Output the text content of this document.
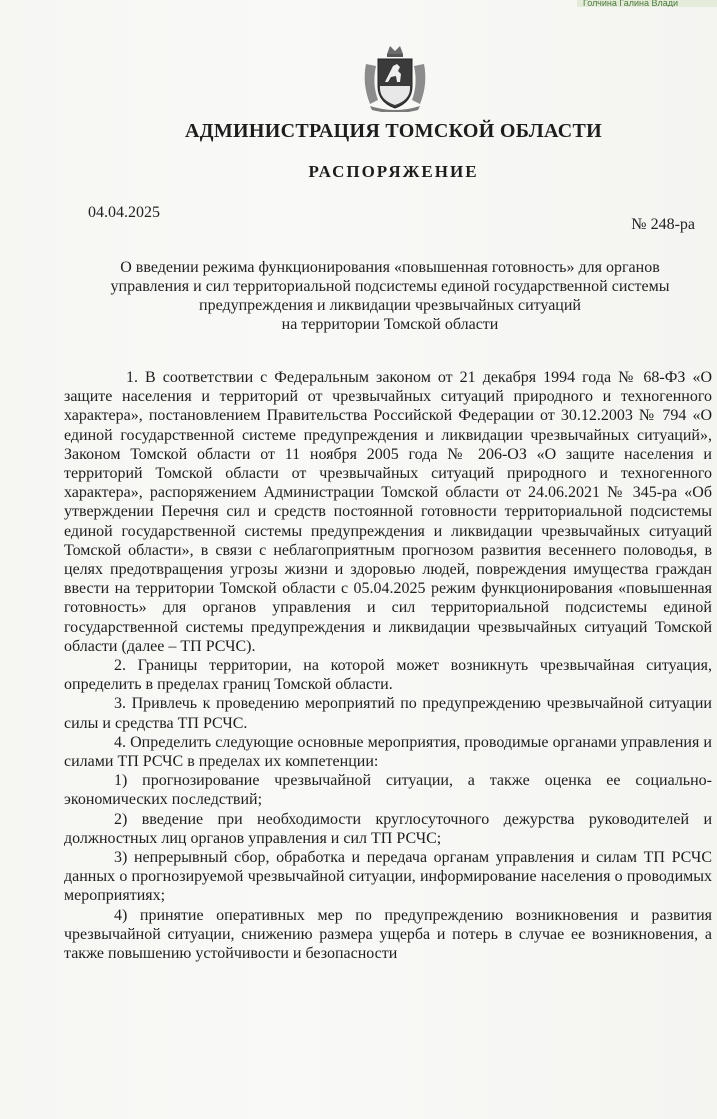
Голчина Галина Влади
АДМИНИСТРАЦИЯ ТОМСКОЙ ОБЛАСТИ
РАСПОРЯЖЕНИЕ
04.04.2025
№ 248-ра
О введении режима функционирования «повышенная готовность» для органов
управления и сил территориальной подсистемы единой государственной системы
предупреждения и ликвидации чрезвычайных ситуаций
на территории Томской области

1. В соответствии с Федеральным законом от 21 декабря 1994 года № 68-ФЗ «О защите населения и территорий от чрезвычайных ситуаций природного и техногенного характера», постановлением Правительства Российской Федерации от 30.12.2003 № 794 «О единой государственной системе предупреждения и ликвидации чрезвычайных ситуаций», Законом Томской области от 11 ноября 2005 года № 206-ОЗ «О защите населения и территорий Томской области от чрезвычайных ситуаций природного и техногенного характера», распоряжением Администрации Томской области от 24.06.2021 № 345-ра «Об утверждении Перечня сил и средств постоянной готовности территориальной подсистемы единой государственной системы предупреждения и ликвидации чрезвычайных ситуаций Томской области», в связи с неблагоприятным прогнозом развития весеннего половодья, в целях предотвращения угрозы жизни и здоровью людей, повреждения имущества граждан ввести на территории Томской области с 05.04.2025 режим функционирования «повышенная готовность» для органов управления и сил территориальной подсистемы единой государственной системы предупреждения и ликвидации чрезвычайных ситуаций Томской области (далее – ТП РСЧС).

2. Границы территории, на которой может возникнуть чрезвычайная ситуация, определить в пределах границ Томской области.

3. Привлечь к проведению мероприятий по предупреждению чрезвычайной ситуации силы и средства ТП РСЧС.

4. Определить следующие основные мероприятия, проводимые органами управления и силами ТП РСЧС в пределах их компетенции:

1) прогнозирование чрезвычайной ситуации, а также оценка ее социально-экономических последствий;

2) введение при необходимости круглосуточного дежурства руководителей и должностных лиц органов управления и сил ТП РСЧС;

3) непрерывный сбор, обработка и передача органам управления и силам ТП РСЧС данных о прогнозируемой чрезвычайной ситуации, информирование населения о проводимых мероприятиях;

4) принятие оперативных мер по предупреждению возникновения и развития чрезвычайной ситуации, снижению размера ущерба и потерь в случае ее возникновения, а также повышению устойчивости и безопасности
